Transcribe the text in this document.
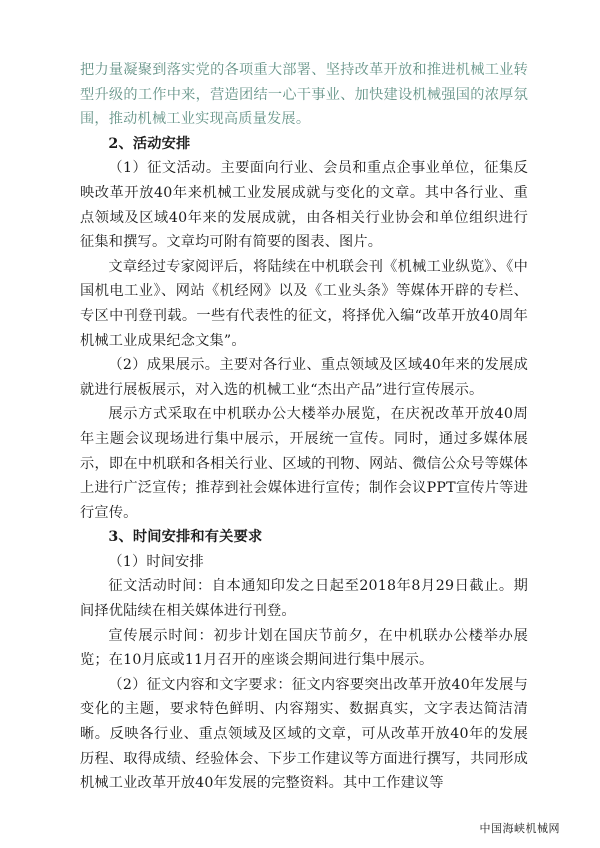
把力量凝聚到落实党的各项重大部署、坚持改革开放和推进机械工业转型升级的工作中来，营造团结一心干事业、加快建设机械强国的浓厚氛围，推动机械工业实现高质量发展。

2、活动安排

（1）征文活动。主要面向行业、会员和重点企事业单位，征集反映改革开放40年来机械工业发展成就与变化的文章。其中各行业、重点领域及区域40年来的发展成就，由各相关行业协会和单位组织进行征集和撰写。文章均可附有简要的图表、图片。

文章经过专家阅评后，将陆续在中机联会刊《机械工业纵览》、《中国机电工业》、网站《机经网》以及《工业头条》等媒体开辟的专栏、专区中刊登刊载。一些有代表性的征文，将择优入编“改革开放40周年机械工业成果纪念文集”。

（2）成果展示。主要对各行业、重点领域及区域40年来的发展成就进行展板展示，对入选的机械工业“杰出产品”进行宣传展示。

展示方式采取在中机联办公大楼举办展览，在庆祝改革开放40周年主题会议现场进行集中展示，开展统一宣传。同时，通过多媒体展示，即在中机联和各相关行业、区域的刊物、网站、微信公众号等媒体上进行广泛宣传；推荐到社会媒体进行宣传；制作会议PPT宣传片等进行宣传。

3、时间安排和有关要求

（1）时间安排

征文活动时间：自本通知印发之日起至2018年8月29日截止。期间择优陆续在相关媒体进行刊登。

宣传展示时间：初步计划在国庆节前夕，在中机联办公楼举办展览；在10月底或11月召开的座谈会期间进行集中展示。

（2）征文内容和文字要求：征文内容要突出改革开放40年发展与变化的主题，要求特色鲜明、内容翔实、数据真实，文字表达简洁清晰。反映各行业、重点领域及区域的文章，可从改革开放40年的发展历程、取得成绩、经验体会、下步工作建议等方面进行撰写，共同形成机械工业改革开放40年发展的完整资料。其中工作建议等

中国海峡机械网
